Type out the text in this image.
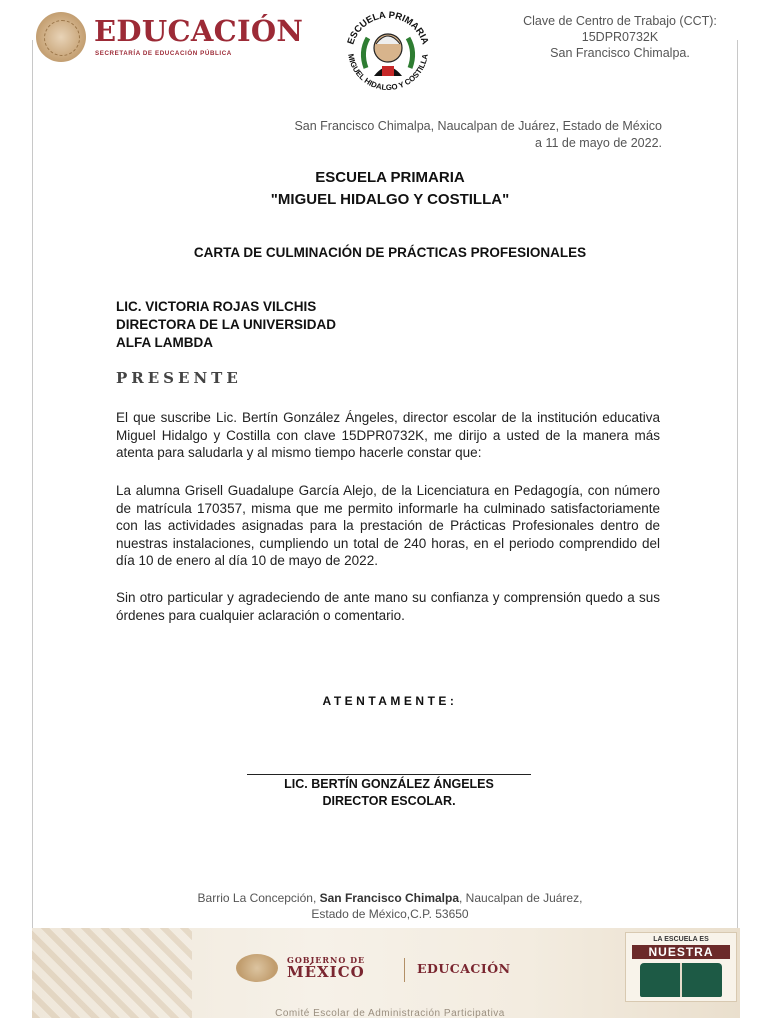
EDUCACIÓN
SECRETARÍA DE EDUCACIÓN PÚBLICA
ESCUELA PRIMARIA
MIGUEL HIDALGO Y COSTILLA
Clave de Centro de Trabajo (CCT):
15DPR0732K
San Francisco Chimalpa.
San Francisco Chimalpa, Naucalpan de Juárez, Estado de México
a 11 de mayo de 2022.
ESCUELA PRIMARIA
"MIGUEL HIDALGO Y COSTILLA"
CARTA DE CULMINACIÓN DE PRÁCTICAS PROFESIONALES
LIC. VICTORIA ROJAS VILCHIS
DIRECTORA DE LA UNIVERSIDAD
ALFA LAMBDA
PRESENTE
El que suscribe Lic. Bertín González Ángeles, director escolar de la institución educativa Miguel Hidalgo y Costilla con clave 15DPR0732K, me dirijo a usted de la manera más atenta para saludarla y al mismo tiempo hacerle constar que:
La alumna Grisell Guadalupe García Alejo, de la Licenciatura en Pedagogía, con número de matrícula 170357, misma que me permito informarle ha culminado satisfactoriamente con las actividades asignadas para la prestación de Prácticas Profesionales dentro de nuestras instalaciones, cumpliendo un total de 240 horas, en el periodo comprendido del día 10 de enero al día 10 de mayo de 2022.
Sin otro particular y agradeciendo de ante mano su confianza y comprensión quedo a sus órdenes para cualquier aclaración o comentario.
ATENTAMENTE:
LIC. BERTÍN GONZÁLEZ ÁNGELES
DIRECTOR ESCOLAR.
Barrio La Concepción, San Francisco Chimalpa, Naucalpan de Juárez,
Estado de México,C.P. 53650
GOBIERNO DE
MÉXICO	EDUCACIÓN
LA ESCUELA ES
NUESTRA
Comité Escolar de Administración Participativa
